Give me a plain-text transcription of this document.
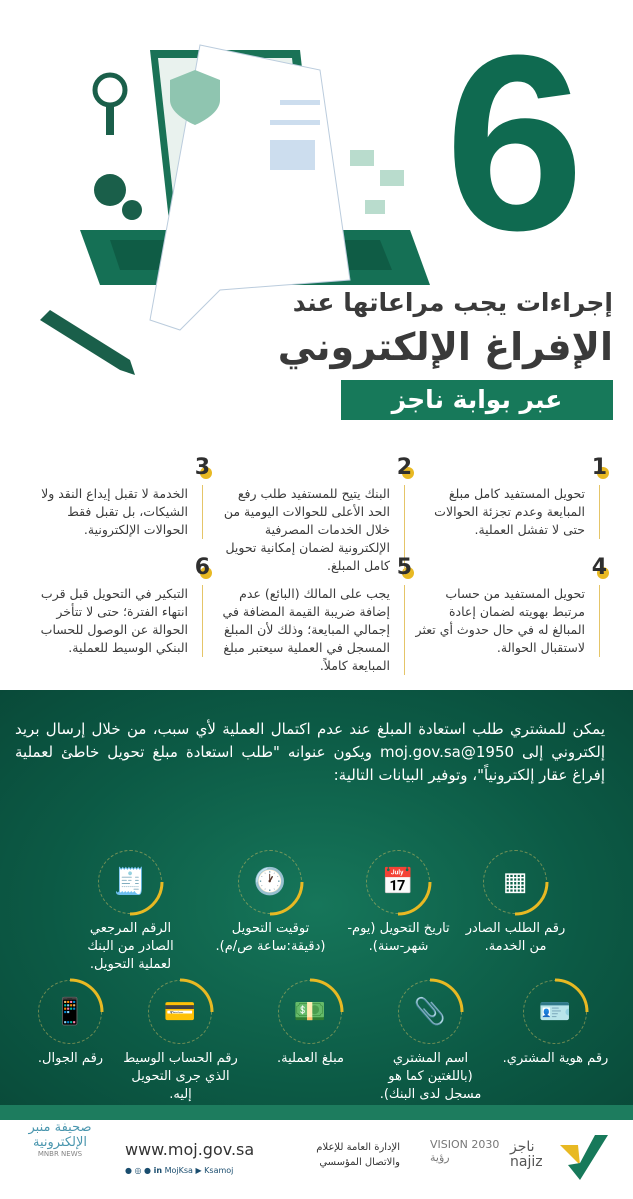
6
إجراءات يجب مراعاتها عند
الإفراغ الإلكتروني
عبر بوابة ناجز najiz.sa
1
تحويل المستفيد كامل مبلغ المبايعة وعدم تجزئة الحوالات حتى لا تفشل العملية.
2
البنك يتيح للمستفيد طلب رفع الحد الأعلى للحوالات اليومية من خلال الخدمات المصرفية الإلكترونية لضمان إمكانية تحويل كامل المبلغ.
3
الخدمة لا تقبل إيداع النقد ولا الشيكات، بل تقبل فقط الحوالات الإلكترونية.
4
تحويل المستفيد من حساب مرتبط بهويته لضمان إعادة المبالغ له في حال حدوث أي تعثر لاستقبال الحوالة.
5
يجب على المالك (البائع) عدم إضافة ضريبة القيمة المضافة في إجمالي المبايعة؛ وذلك لأن المبلغ المسجل في العملية سيعتبر مبلغ المبايعة كاملاً.
6
التبكير في التحويل قبل قرب انتهاء الفترة؛ حتى لا تتأخر الحوالة عن الوصول للحساب البنكي الوسيط للعملية.
يمكن للمشتري طلب استعادة المبلغ عند عدم اكتمال العملية لأي سبب، من خلال إرسال بريد إلكتروني إلى 1950@moj.gov.sa ويكون عنوانه "طلب استعادة مبلغ تحويل خاطئ لعملية إفراغ عقار إلكترونياً"، وتوفير البيانات التالية:
▦
رقم الطلب الصادر من الخدمة.
📅
تاريخ التحويل (يوم-شهر-سنة).
🕐
توقيت التحويل (دقيقة:ساعة ص/م).
🧾
الرقم المرجعي الصادر من البنك لعملية التحويل.
🪪
رقم هوية المشتري.
📎
اسم المشتري (باللغتين كما هو مسجل لدى البنك).
💵
مبلغ العملية.
💳
رقم الحساب الوسيط الذي جرى التحويل إليه.
📱
رقم الجوال.
www.moj.gov.sa
● ◎ ● in MojKsa ▶ Ksamoj
الإدارة العامة للإعلام
والاتصال المؤسسي
VISION 2030 رؤية
ناجز
najiz
صحيفة منبر الإلكترونية
MNBR NEWS
